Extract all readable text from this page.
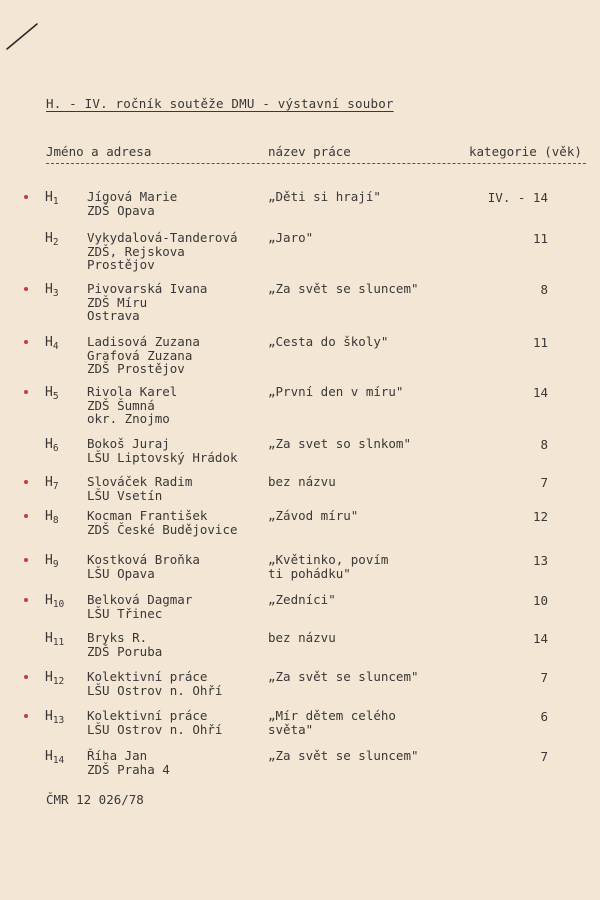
H. - IV. ročník soutěže DMU - výstavní soubor
Jméno a adresa	název práce	kategorie (věk)
$H_1$ Jígová Marie
ZDŠ Opava
„Děti si hrají"	IV. - 14
$H_2$ Vykydalová-Tanderová
ZDŠ, Rejskova
Prostějov
„Jaro"	11
$H_3$ Pivovarská Ivana
ZDŠ Míru
Ostrava
„Za svět se sluncem"	8
$H_4$ Ladisová Zuzana
Grafová Zuzana
ZDŠ Prostějov
„Cesta do školy"	11
$H_5$ Rivola Karel
ZDŠ Šumná
okr. Znojmo
„První den v míru"	14
$H_6$ Bokoš Juraj
LŠU Liptovský Hrádok
„Za svet so slnkom"	8
$H_7$ Slováček Radim
LŠU Vsetín
bez názvu	7
$H_8$ Kocman František
ZDŠ České Budějovice
„Závod míru"	12
$H_9$ Kostková Broňka
LŠU Opava
„Květinko, povím
ti pohádku"
13
$H_{10}$ Belková Dagmar
LŠU Třinec
„Zedníci"	10
$H_{11}$ Bryks R.
ZDŠ Poruba
bez názvu	14
$H_{12}$ Kolektivní práce
LŠU Ostrov n. Ohří
„Za svět se sluncem"	7
$H_{13}$ Kolektivní práce
LŠU Ostrov n. Ohří
„Mír dětem celého
světa"
6
$H_{14}$ Říha Jan
ZDŠ Praha 4
„Za svět se sluncem"	7
ČMR 12 026/78
